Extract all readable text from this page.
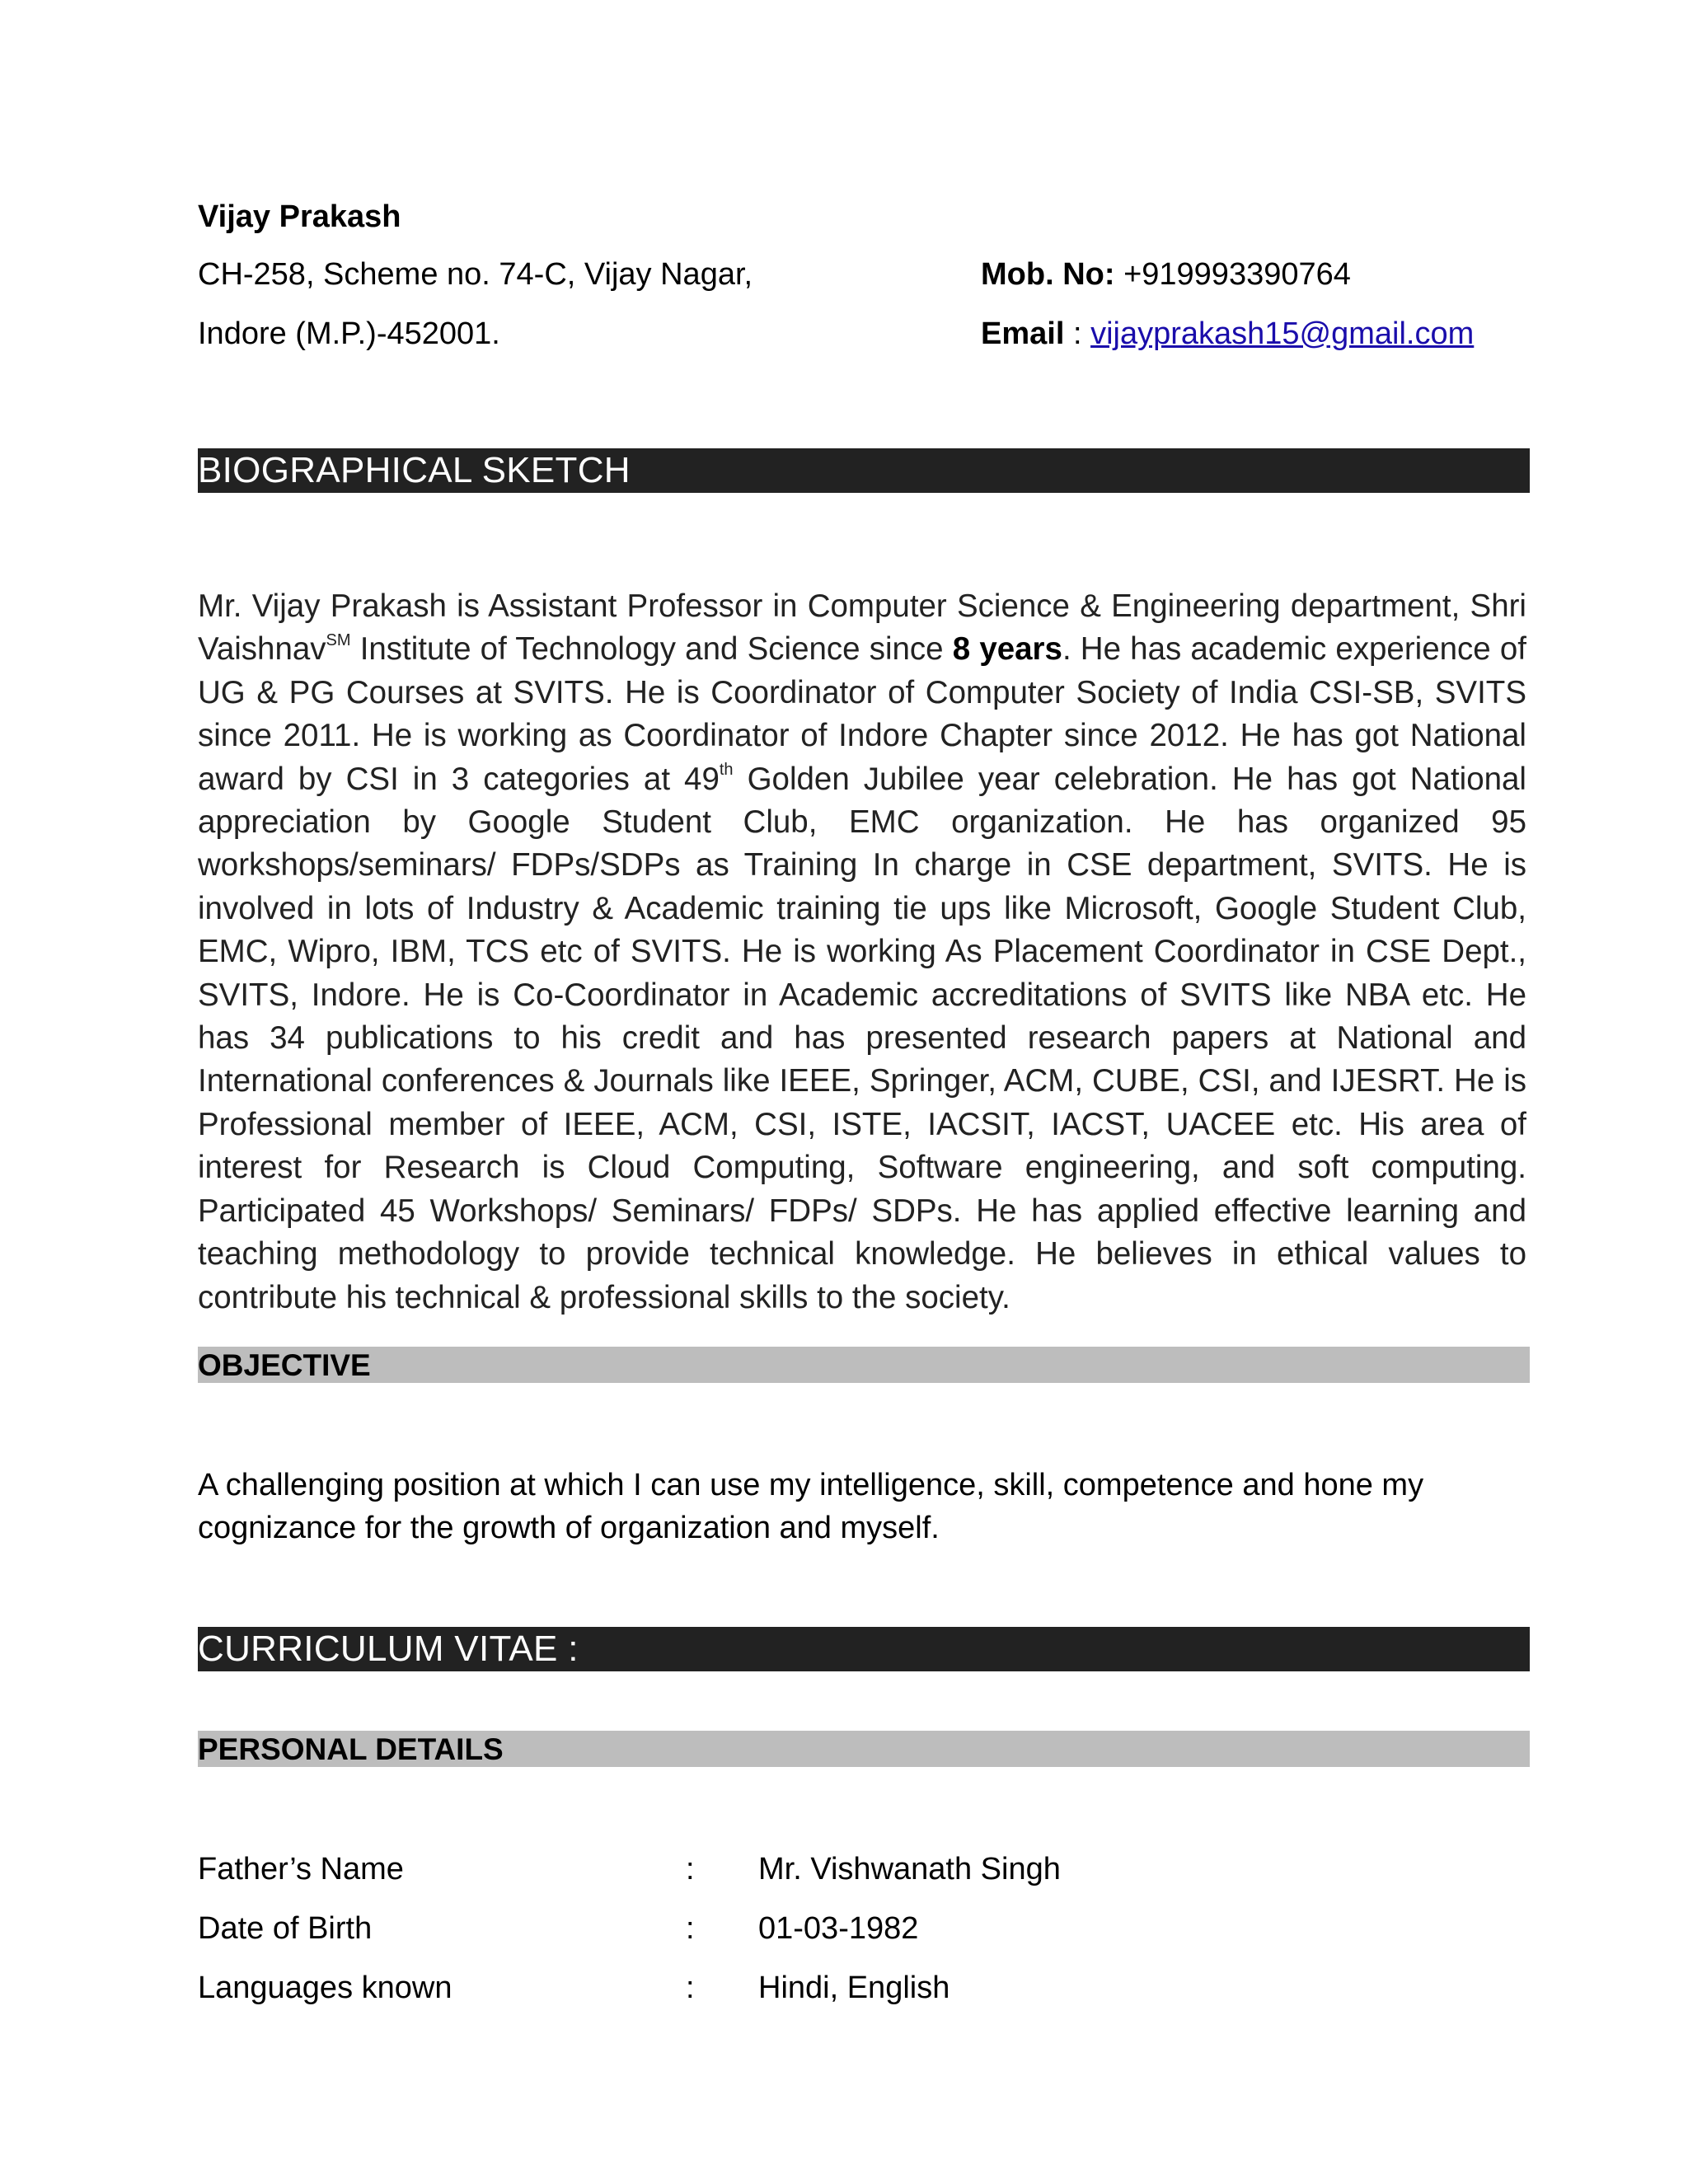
Vijay Prakash
CH-258, Scheme no. 74-C, Vijay Nagar,
Indore (M.P.)-452001.
Mob. No: +919993390764
Email : vijayprakash15@gmail.com
BIOGRAPHICAL SKETCH
Mr. Vijay Prakash is Assistant Professor in Computer Science & Engineering department, Shri Vaishnav℠ Institute of Technology and Science since 8 years. He has academic experience of UG & PG Courses at SVITS. He is Coordinator of Computer Society of India CSI-SB, SVITS since 2011. He is working as Coordinator of Indore Chapter since 2012. He has got National award by CSI in 3 categories at 49th Golden Jubilee year celebration. He has got National appreciation by Google Student Club, EMC organization. He has organized 95 workshops/seminars/ FDPs/SDPs as Training In charge in CSE department, SVITS. He is involved in lots of Industry & Academic training tie ups like Microsoft, Google Student Club, EMC, Wipro, IBM, TCS etc of SVITS. He is working As Placement Coordinator in CSE Dept., SVITS, Indore. He is Co-Coordinator in Academic accreditations of SVITS like NBA etc. He has 34 publications to his credit and has presented research papers at National and International conferences & Journals like IEEE, Springer, ACM, CUBE, CSI, and IJESRT. He is Professional member of IEEE, ACM, CSI, ISTE, IACSIT, IACST, UACEE etc. His area of interest for Research is Cloud Computing, Software engineering, and soft computing. Participated 45 Workshops/ Seminars/ FDPs/ SDPs. He has applied effective learning and teaching methodology to provide technical knowledge. He believes in ethical values to contribute his technical & professional skills to the society.
OBJECTIVE
A challenging position at which I can use my intelligence, skill, competence and hone my cognizance for the growth of organization and myself.
CURRICULUM VITAE :
PERSONAL DETAILS
Father’s Name	: Mr. Vishwanath Singh
Date of Birth	: 01-03-1982
Languages known	: Hindi, English
